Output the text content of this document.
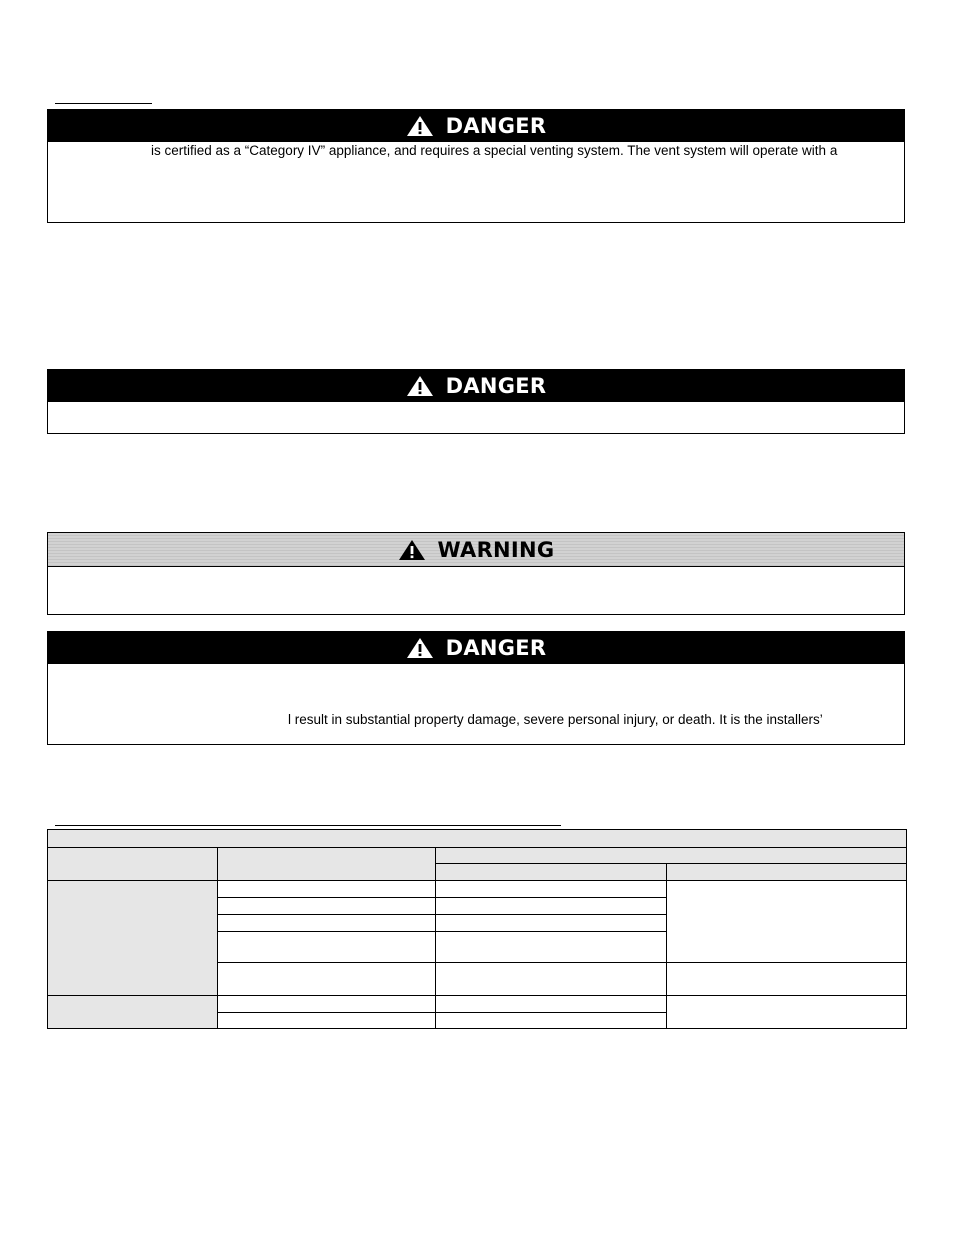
DANGER
is certified as a “Category IV” appliance, and requires a special venting system. The vent system will operate with a
DANGER
WARNING
DANGER
l result in substantial property damage, severe personal injury, or death. It is the installers’
